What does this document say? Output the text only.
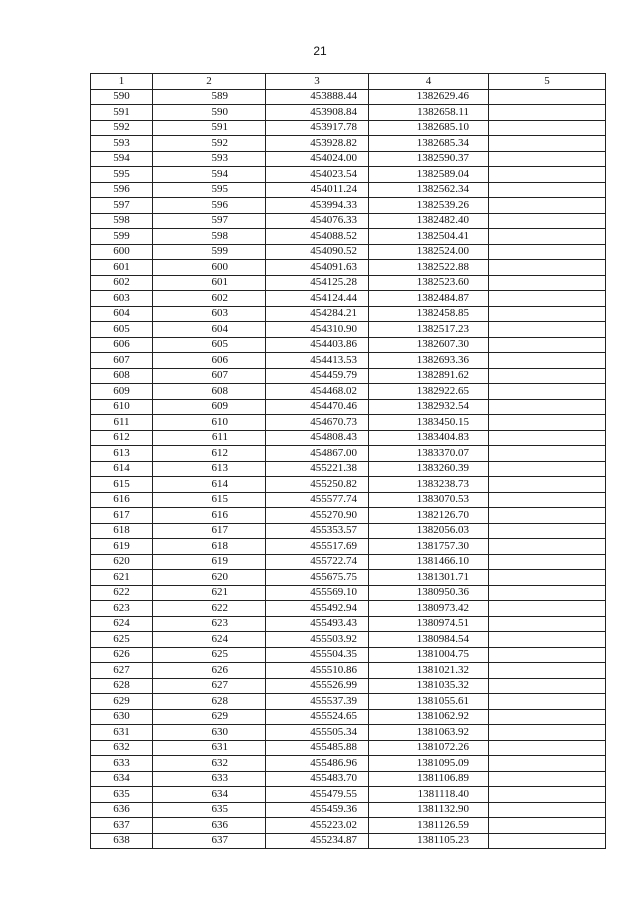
21
1	2	3	4	5
590	589	453888.44	1382629.46	
591	590	453908.84	1382658.11	
592	591	453917.78	1382685.10	
593	592	453928.82	1382685.34	
594	593	454024.00	1382590.37	
595	594	454023.54	1382589.04	
596	595	454011.24	1382562.34	
597	596	453994.33	1382539.26	
598	597	454076.33	1382482.40	
599	598	454088.52	1382504.41	
600	599	454090.52	1382524.00	
601	600	454091.63	1382522.88	
602	601	454125.28	1382523.60	
603	602	454124.44	1382484.87	
604	603	454284.21	1382458.85	
605	604	454310.90	1382517.23	
606	605	454403.86	1382607.30	
607	606	454413.53	1382693.36	
608	607	454459.79	1382891.62	
609	608	454468.02	1382922.65	
610	609	454470.46	1382932.54	
611	610	454670.73	1383450.15	
612	611	454808.43	1383404.83	
613	612	454867.00	1383370.07	
614	613	455221.38	1383260.39	
615	614	455250.82	1383238.73	
616	615	455577.74	1383070.53	
617	616	455270.90	1382126.70	
618	617	455353.57	1382056.03	
619	618	455517.69	1381757.30	
620	619	455722.74	1381466.10	
621	620	455675.75	1381301.71	
622	621	455569.10	1380950.36	
623	622	455492.94	1380973.42	
624	623	455493.43	1380974.51	
625	624	455503.92	1380984.54	
626	625	455504.35	1381004.75	
627	626	455510.86	1381021.32	
628	627	455526.99	1381035.32	
629	628	455537.39	1381055.61	
630	629	455524.65	1381062.92	
631	630	455505.34	1381063.92	
632	631	455485.88	1381072.26	
633	632	455486.96	1381095.09	
634	633	455483.70	1381106.89	
635	634	455479.55	1381118.40	
636	635	455459.36	1381132.90	
637	636	455223.02	1381126.59	
638	637	455234.87	1381105.23	
